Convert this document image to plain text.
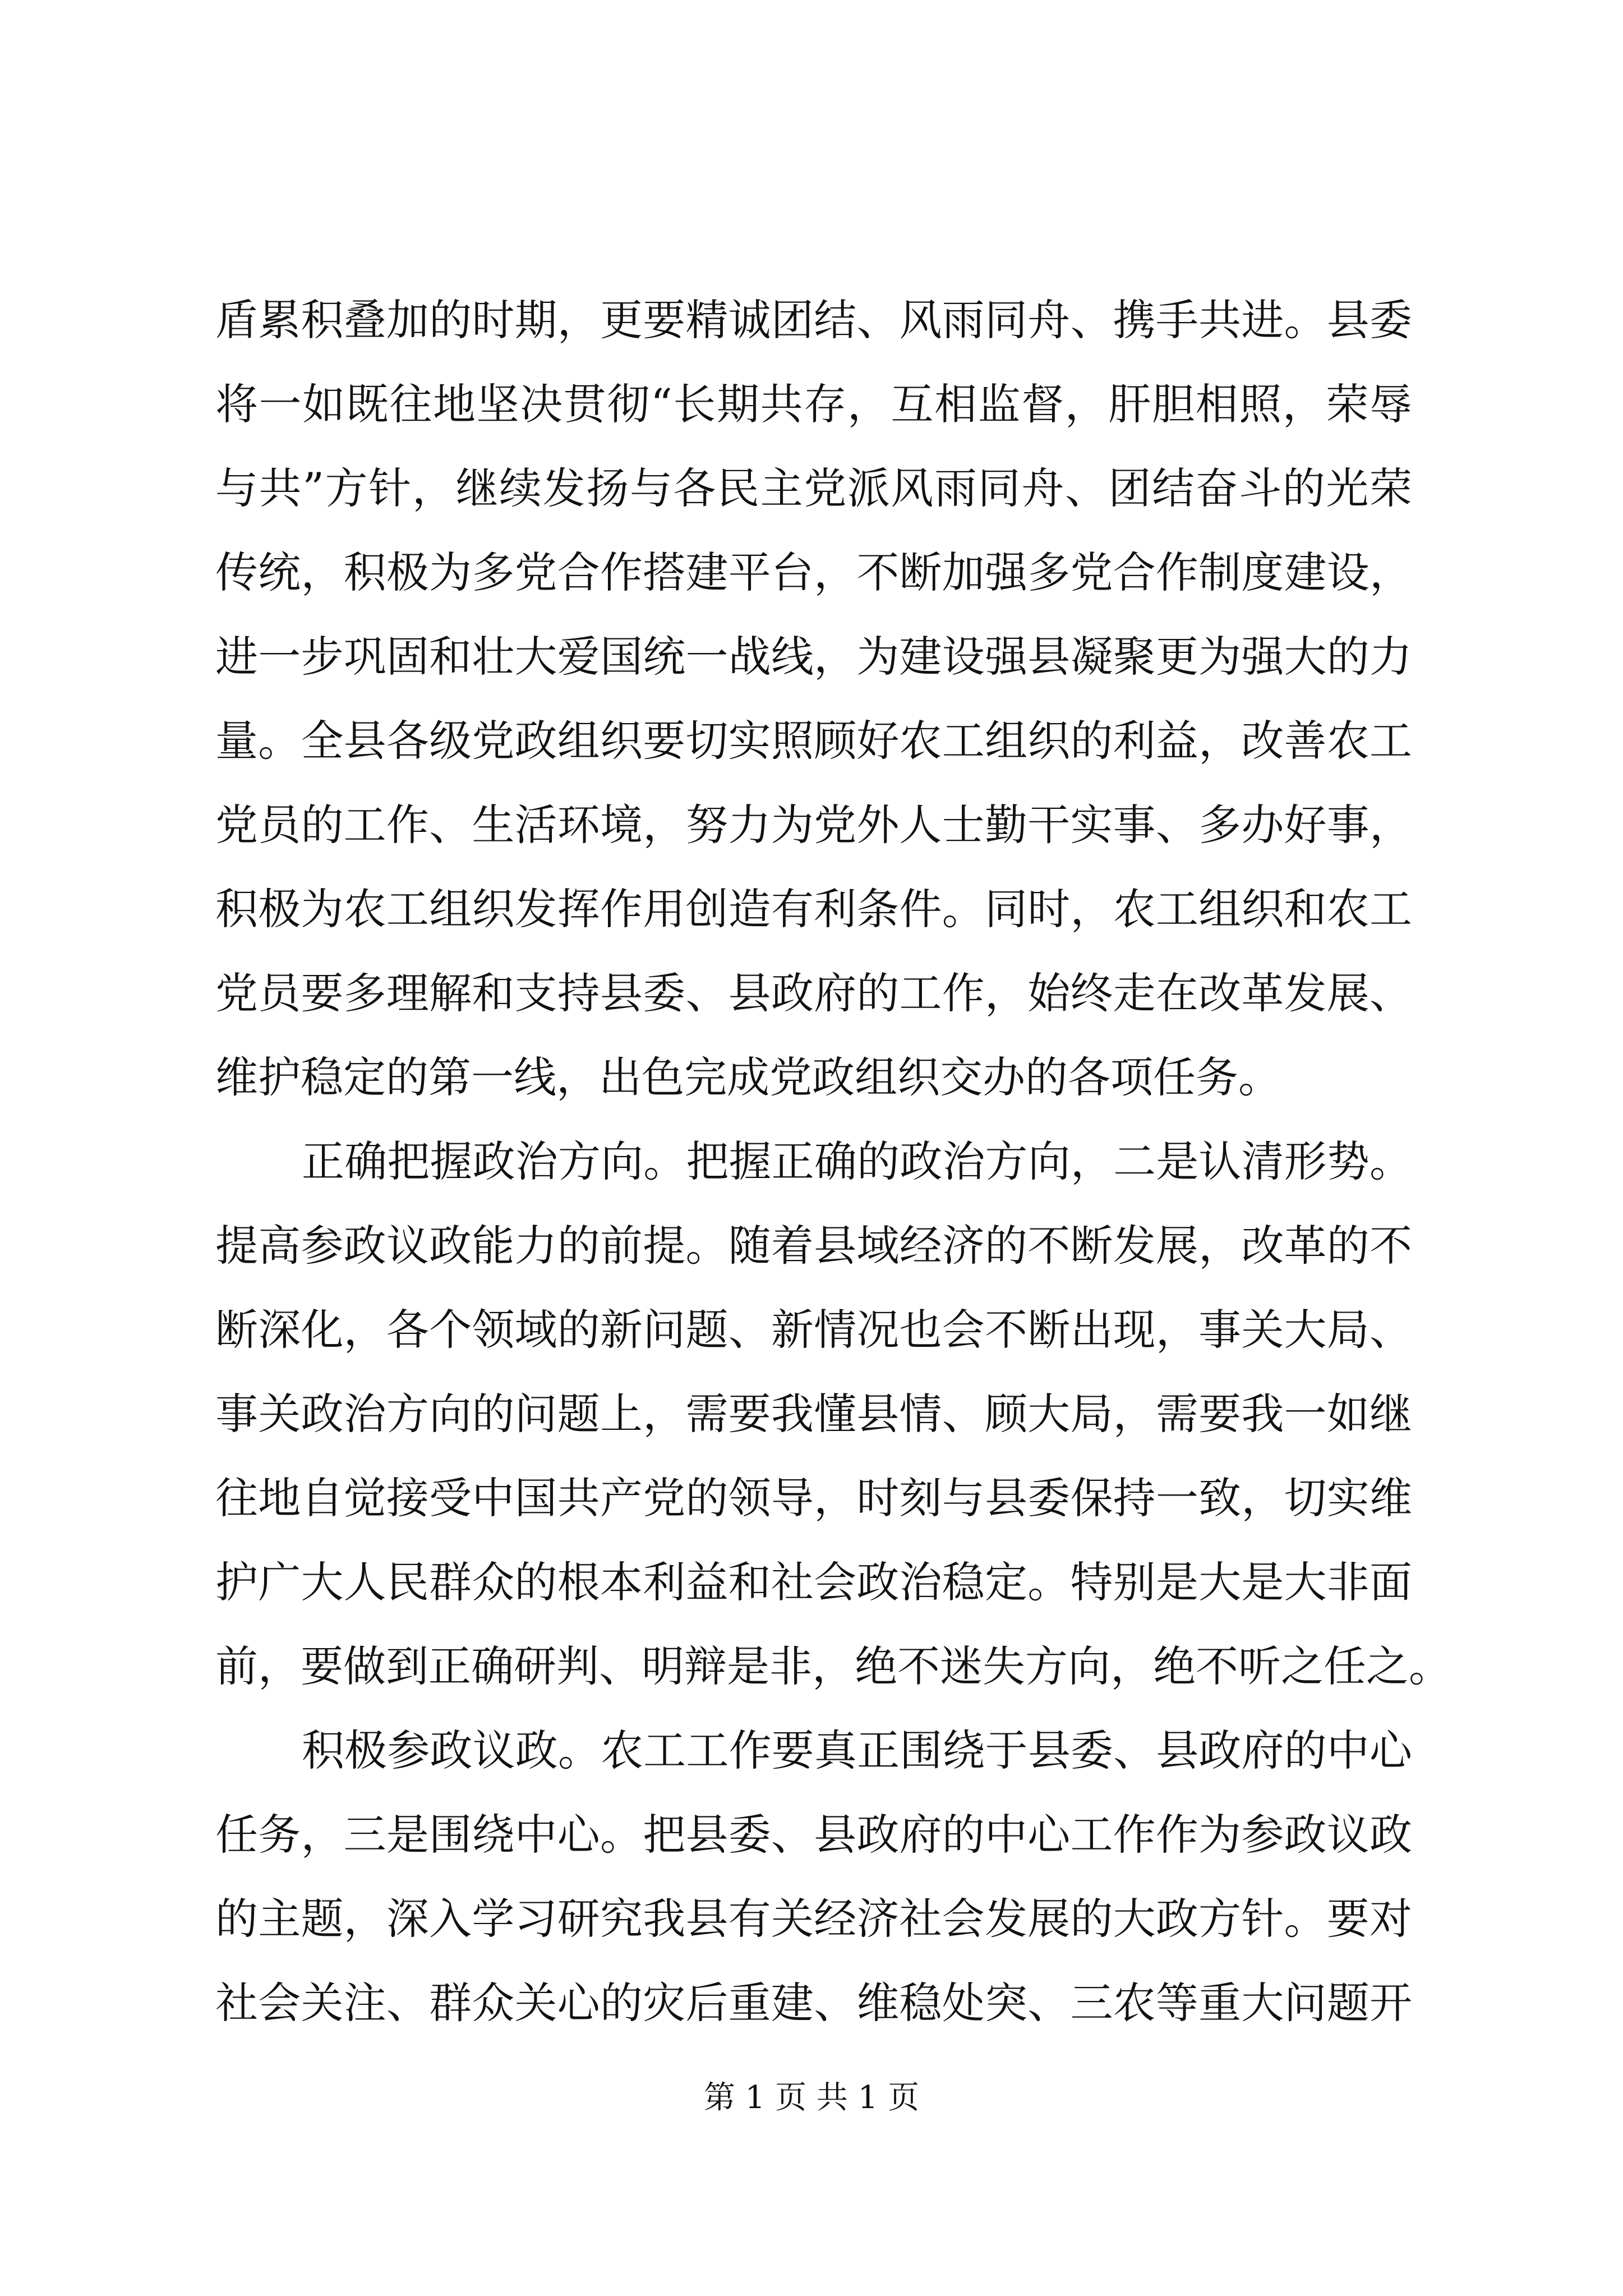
盾累积叠加的时期，更要精诚团结、风雨同舟、携手共进。县委
将一如既往地坚决贯彻“长期共存，互相监督，肝胆相照，荣辱
与共”方针，继续发扬与各民主党派风雨同舟、团结奋斗的光荣
传统，积极为多党合作搭建平台，不断加强多党合作制度建设，
进一步巩固和壮大爱国统一战线，为建设强县凝聚更为强大的力
量。全县各级党政组织要切实照顾好农工组织的利益，改善农工
党员的工作、生活环境，努力为党外人士勤干实事、多办好事，
积极为农工组织发挥作用创造有利条件。同时，农工组织和农工
党员要多理解和支持县委、县政府的工作，始终走在改革发展、
维护稳定的第一线，出色完成党政组织交办的各项任务。
正确把握政治方向。把握正确的政治方向，二是认清形势。
提高参政议政能力的前提。随着县域经济的不断发展，改革的不
断深化，各个领域的新问题、新情况也会不断出现，事关大局、
事关政治方向的问题上，需要我懂县情、顾大局，需要我一如继
往地自觉接受中国共产党的领导，时刻与县委保持一致，切实维
护广大人民群众的根本利益和社会政治稳定。特别是大是大非面
前，要做到正确研判、明辩是非，绝不迷失方向，绝不听之任之。
积极参政议政。农工工作要真正围绕于县委、县政府的中心
任务，三是围绕中心。把县委、县政府的中心工作作为参政议政
的主题，深入学习研究我县有关经济社会发展的大政方针。要对
社会关注、群众关心的灾后重建、维稳处突、三农等重大问题开
第 1 页 共 1 页
